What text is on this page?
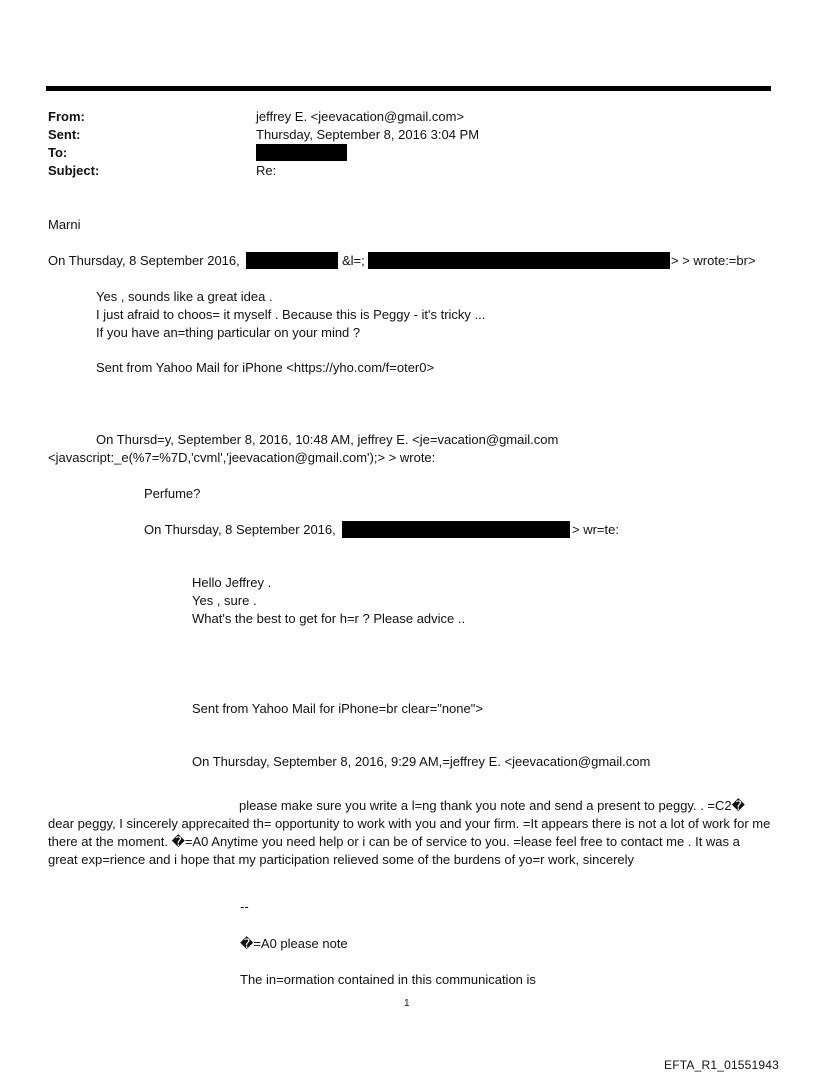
From:	jeffrey E. <jeevacation@gmail.com>
Sent:	Thursday, September 8, 2016 3:04 PM
To:
Subject:	Re:
Marni
On Thursday, 8 September 2016,	&l=;	> > wrote:=br>
Yes , sounds like a great idea .
I just afraid to choos= it myself . Because this is Peggy - it's tricky ...
If you have an=thing particular on your mind ?
Sent from Yahoo Mail for iPhone <https://yho.com/f=oter0>
On Thursd=y, September 8, 2016, 10:48 AM, jeffrey E. <je=vacation@gmail.com
<javascript:_e(%7=%7D,'cvml','jeevacation@gmail.com');> > wrote:
Perfume?
On Thursday, 8 September 2016,	> wr=te:
Hello Jeffrey .
Yes , sure .
What's the best to get for h=r ? Please advice ..
Sent from Yahoo Mail for iPhone=br clear="none">
On Thursday, September 8, 2016, 9:29 AM,=jeffrey E. <jeevacation@gmail.com
please make sure you write a l=ng thank you note and send a present to peggy. . =C2� dear peggy, I sincerely apprecaited th= opportunity to work with you and your firm. =It appears there is not a lot of work for me there at the moment. �=A0 Anytime you need help or i can be of service to you. =lease feel free to contact me . It was a great exp=rience and i hope that my participation relieved some of the burdens of yo=r work, sincerely
--
�=A0 please note
The in=ormation contained in this communication is
1
EFTA_R1_01551943
